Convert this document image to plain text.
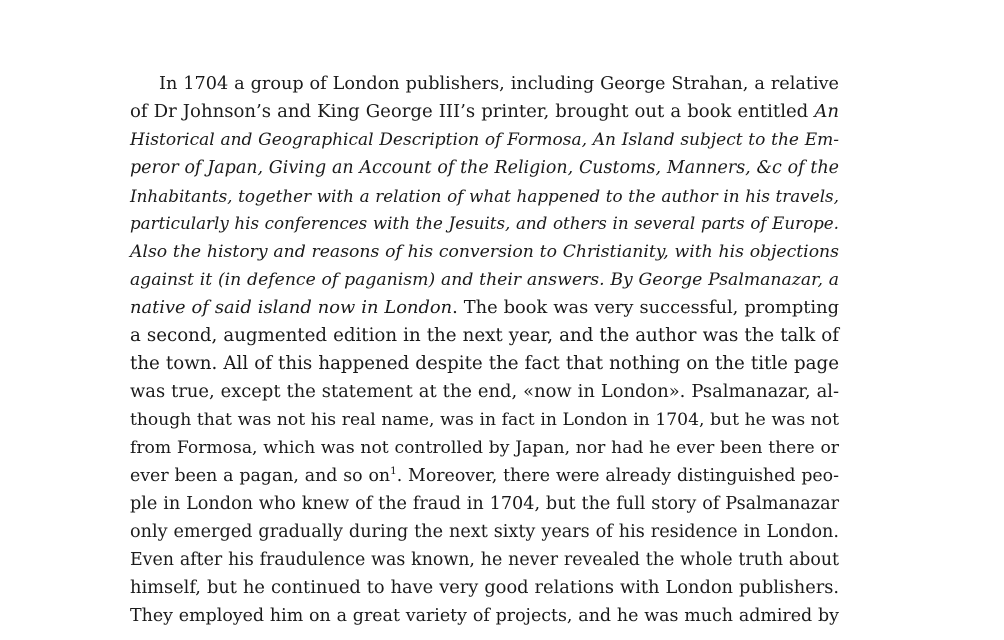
In 1704 a group of London publishers, including George Strahan, a relative
of Dr Johnson’s and King George III’s printer, brought out a book entitled An
Historical and Geographical Description of Formosa, An Island subject to the Em-
peror of Japan, Giving an Account of the Religion, Customs, Manners, &c of the
Inhabitants, together with a relation of what happened to the author in his travels,
particularly his conferences with the Jesuits, and others in several parts of Europe.
Also the history and reasons of his conversion to Christianity, with his objections
against it (in defence of paganism) and their answers. By George Psalmanazar, a
native of said island now in London. The book was very successful, prompting
a second, augmented edition in the next year, and the author was the talk of
the town. All of this happened despite the fact that nothing on the title page
was true, except the statement at the end, «now in London». Psalmanazar, al-
though that was not his real name, was in fact in London in 1704, but he was not
from Formosa, which was not controlled by Japan, nor had he ever been there or
ever been a pagan, and so $on^1$. Moreover, there were already distinguished peo-
ple in London who knew of the fraud in 1704, but the full story of Psalmanazar
only emerged gradually during the next sixty years of his residence in London.
Even after his fraudulence was known, he never revealed the whole truth about
himself, but he continued to have very good relations with London publishers.
They employed him on a great variety of projects, and he was much admired by
